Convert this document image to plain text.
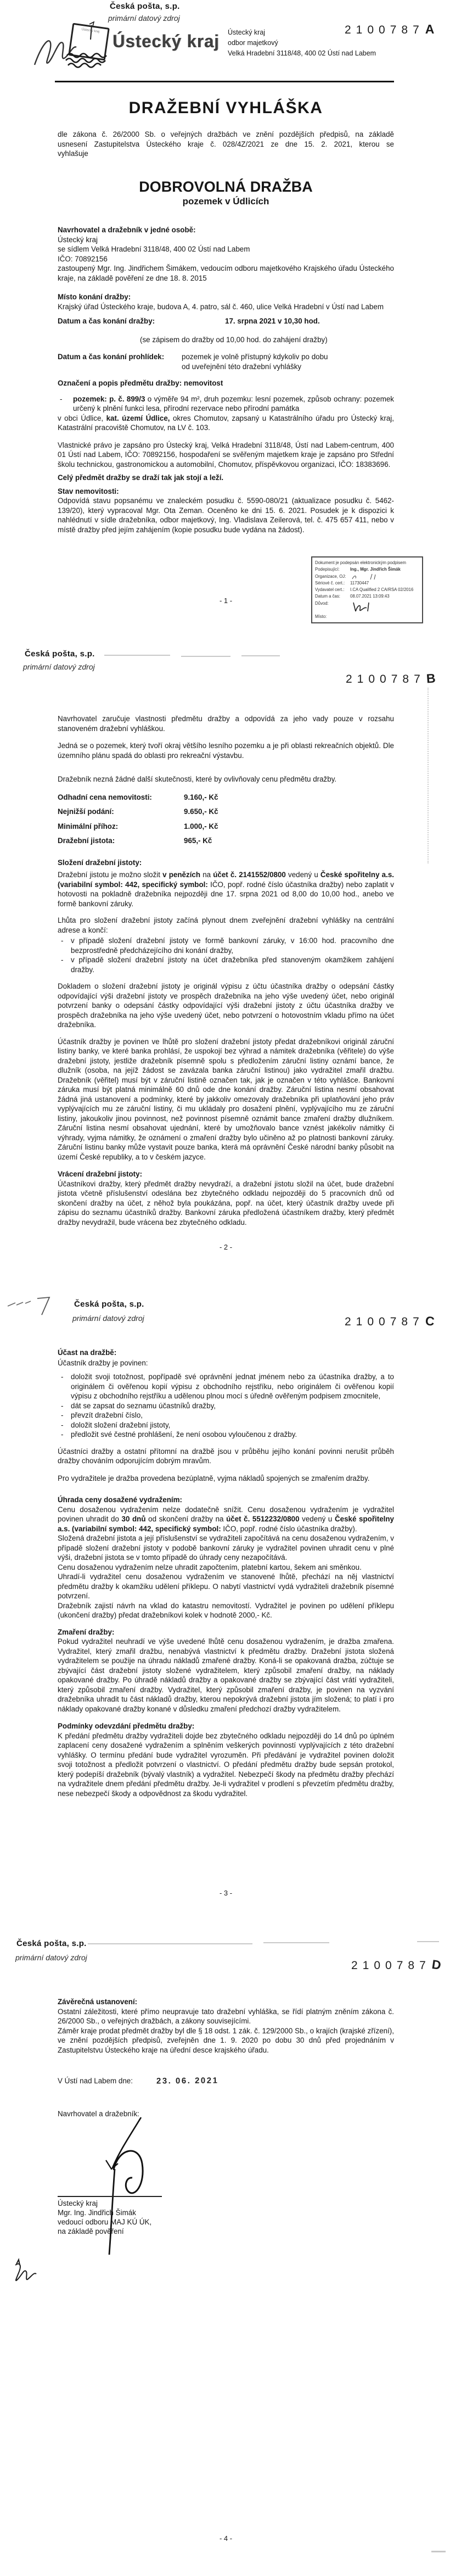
Česká pošta, s.p.
primární datový zdroj
Ústecký kraj
Ústecký kraj Ústecký kraj
odbor majetkový
Velká Hradební 3118/48, 400 02 Ústí nad Labem
2100787A
DRAŽEBNÍ VYHLÁŠKA
dle zákona č. 26/2000 Sb. o veřejných dražbách ve znění pozdějších předpisů, na základě usnesení Zastupitelstva Ústeckého kraje č. 028/4Z/2021 ze dne 15. 2. 2021, kterou se vyhlašuje
DOBROVOLNÁ DRAŽBA
pozemek v Údlicích
Navrhovatel a dražebník v jedné osobě:
Ústecký kraj
se sídlem Velká Hradební 3118/48, 400 02 Ústí nad Labem
IČO: 70892156
zastoupený Mgr. Ing. Jindřichem Šimákem, vedoucím odboru majetkového Krajského úřadu Ústeckého kraje, na základě pověření ze dne 18. 8. 2015
Místo konání dražby:
Krajský úřad Ústeckého kraje, budova A, 4. patro, sál č. 460, ulice Velká Hradební v Ústí nad Labem
Datum a čas konání dražby:	17. srpna 2021 v 10,30 hod.
(se zápisem do dražby od 10,00 hod. do zahájení dražby)
Datum a čas konání prohlídek:	pozemek je volně přístupný kdykoliv po dobu
od uveřejnění této dražební vyhlášky
Označení a popis předmětu dražby: nemovitost
- pozemek: p. č. 899/3 o výměře 94 m², druh pozemku: lesní pozemek, způsob ochrany: pozemek určený k plnění funkci lesa, přírodní rezervace nebo přírodní památka
v obci Údlice, kat. území Údlice, okres Chomutov, zapsaný u Katastrálního úřadu pro Ústecký kraj, Katastrální pracoviště Chomutov, na LV č. 103.
Vlastnické právo je zapsáno pro Ústecký kraj, Velká Hradební 3118/48, Ústí nad Labem-centrum, 400 01 Ústí nad Labem, IČO: 70892156, hospodaření se svěřeným majetkem kraje je zapsáno pro Střední školu technickou, gastronomickou a automobilní, Chomutov, příspěvkovou organizaci, IČO: 18383696.
Celý předmět dražby se draží tak jak stojí a leží.
Stav nemovitosti:
Odpovídá stavu popsanému ve znaleckém posudku č. 5590-080/21 (aktualizace posudku č. 5462-139/20), který vypracoval Mgr. Ota Zeman. Oceněno ke dni 15. 6. 2021. Posudek je k dispozici k nahlédnutí v sídle dražebníka, odbor majetkový, Ing. Vladislava Zeilerová, tel. č. 475 657 411, nebo v místě dražby před jejím zahájením (kopie posudku bude vydána na žádost).
Dokument je podepsán elektronickým podpisem
Podepisující:	Ing., Mgr. Jindřich Šimák
Organizace, OJ:
Sériové č. cert.:	11730447
Vydavatel cert.:	I.CA Qualified 2 CA/RSA 02/2016
Datum a čas:	08.07.2021 13:09:43
Důvod:
Místo:
- 1 -
Česká pošta, s.p.
primární datový zdroj
2100787B
Navrhovatel zaručuje vlastnosti předmětu dražby a odpovídá za jeho vady pouze v rozsahu stanoveném dražební vyhláškou.
Jedná se o pozemek, který tvoří okraj většího lesního pozemku a je při oblasti rekreačních objektů. Dle územního plánu spadá do oblasti pro rekreační výstavbu.
Dražebník nezná žádné další skutečnosti, které by ovlivňovaly cenu předmětu dražby.
Odhadní cena nemovitosti:	9.160,- Kč
Nejnižší podání:	9.650,- Kč
Minimální příhoz:	1.000,- Kč
Dražební jistota:	965,- Kč
Složení dražební jistoty:
Dražební jistotu je možno složit v penězích na účet č. 2141552/0800 vedený u České spořitelny a.s. (variabilní symbol: 442, specifický symbol: IČO, popř. rodné číslo účastníka dražby) nebo zaplatit v hotovosti na pokladně dražebníka nejpozději dne 17. srpna 2021 od 8,00 do 10,00 hod., anebo ve formě bankovní záruky.
Lhůta pro složení dražební jistoty začíná plynout dnem zveřejnění dražební vyhlášky na centrální adrese a končí:
- v případě složení dražební jistoty ve formě bankovní záruky, v 16:00 hod. pracovního dne bezprostředně předcházejícího dni konání dražby,
- v případě složení dražební jistoty na účet dražebníka před stanoveným okamžikem zahájení dražby.
Dokladem o složení dražební jistoty je originál výpisu z účtu účastníka dražby o odepsání částky odpovídající výši dražební jistoty ve prospěch dražebníka na jeho výše uvedený účet, nebo originál potvrzení banky o odepsání částky odpovídající výši dražební jistoty z účtu účastníka dražby ve prospěch dražebníka na jeho výše uvedený účet, nebo potvrzení o hotovostním vkladu přímo na účet dražebníka.
Účastník dražby je povinen ve lhůtě pro složení dražební jistoty předat dražebníkovi originál záruční listiny banky, ve které banka prohlásí, že uspokojí bez výhrad a námitek dražebníka (věřitele) do výše dražební jistoty, jestliže dražebník písemně spolu s předložením záruční listiny oznámí bance, že dlužník (osoba, na jejíž žádost se zavázala banka záruční listinou) jako vydražitel zmařil dražbu. Dražebník (věřitel) musí být v záruční listině označen tak, jak je označen v této vyhlášce. Bankovní záruka musí být platná minimálně 60 dnů ode dne konání dražby. Záruční listina nesmí obsahovat žádná jiná ustanovení a podmínky, které by jakkoliv omezovaly dražebníka při uplatňování jeho práv vyplývajících mu ze záruční listiny, či mu ukládaly pro dosažení plnění, vyplývajícího mu ze záruční listiny, jakoukoliv jinou povinnost, než povinnost písemně oznámit bance zmaření dražby dlužníkem. Záruční listina nesmí obsahovat ujednání, které by umožňovalo bance vznést jakékoliv námitky či výhrady, vyjma námitky, že oznámení o zmaření dražby bylo učiněno až po platnosti bankovní záruky. Záruční listinu banky může vystavit pouze banka, která má oprávnění České národní banky působit na území České republiky, a to v českém jazyce.
Vrácení dražební jistoty:
Účastníkovi dražby, který předmět dražby nevydraží, a dražební jistotu složil na účet, bude dražební jistota včetně příslušenství odeslána bez zbytečného odkladu nejpozději do 5 pracovních dnů od skončení dražby na účet, z něhož byla poukázána, popř. na účet, který účastník dražby uvede při zápisu do seznamu účastníků dražby. Bankovní záruka předložená účastníkem dražby, který předmět dražby nevydražil, bude vrácena bez zbytečného odkladu.
- 2 -
Česká pošta, s.p.
primární datový zdroj	2100787C
Účast na dražbě:
Účastník dražby je povinen:
- doložit svoji totožnost, popřípadě své oprávnění jednat jménem nebo za účastníka dražby, a to originálem či ověřenou kopií výpisu z obchodního rejstříku, nebo originálem či ověřenou kopií výpisu z obchodního rejstříku a udělenou plnou mocí s úředně ověřeným podpisem zmocnitele,
- dát se zapsat do seznamu účastníků dražby,
- převzít dražební číslo,
- doložit složení dražební jistoty,
- předložit své čestné prohlášení, že není osobou vyloučenou z dražby.
Účastníci dražby a ostatní přítomní na dražbě jsou v průběhu jejího konání povinni nerušit průběh dražby chováním odporujícím dobrým mravům.
Pro vydražitele je dražba provedena bezúplatně, vyjma nákladů spojených se zmařením dražby.
Úhrada ceny dosažené vydražením:
Cenu dosaženou vydražením nelze dodatečně snížit. Cenu dosaženou vydražením je vydražitel povinen uhradit do 30 dnů od skončení dražby na účet č. 5512232/0800 vedený u České spořitelny a.s. (variabilní symbol: 442, specifický symbol: IČO, popř. rodné číslo účastníka dražby).
Složená dražební jistota a její příslušenství se vydražiteli započítává na cenu dosaženou vydražením, v případě složení dražební jistoty v podobě bankovní záruky je vydražitel povinen uhradit cenu v plné výši, dražební jistota se v tomto případě do úhrady ceny nezapočítává.
Cenu dosaženou vydražením nelze uhradit započtením, platební kartou, šekem ani směnkou.
Uhradí-li vydražitel cenu dosaženou vydražením ve stanovené lhůtě, přechází na něj vlastnictví předmětu dražby k okamžiku udělení příklepu. O nabytí vlastnictví vydá vydražiteli dražebník písemné potvrzení.
Dražebník zajistí návrh na vklad do katastru nemovitostí. Vydražitel je povinen po udělení příklepu (ukončení dražby) předat dražebníkovi kolek v hodnotě 2000,- Kč.
Zmaření dražby:
Pokud vydražitel neuhradí ve výše uvedené lhůtě cenu dosaženou vydražením, je dražba zmařena. Vydražitel, který zmařil dražbu, nenabývá vlastnictví k předmětu dražby. Dražební jistota složená vydražitelem se použije na úhradu nákladů zmařené dražby. Koná-li se opakovaná dražba, zúčtuje se zbývající část dražební jistoty složené vydražitelem, který způsobil zmaření dražby, na náklady opakované dražby. Po úhradě nákladů dražby a opakované dražby se zbývající část vrátí vydražiteli, který způsobil zmaření dražby. Vydražitel, který způsobil zmaření dražby, je povinen na vyzvání dražebníka uhradit tu část nákladů dražby, kterou nepokrývá dražební jistota jím složená; to platí i pro náklady opakované dražby konané v důsledku zmaření předchozí dražby vydražitelem.
Podmínky odevzdání předmětu dražby:
K předání předmětu dražby vydražiteli dojde bez zbytečného odkladu nejpozději do 14 dnů po úplném zaplacení ceny dosažené vydražením a splněním veškerých povinností vyplývajících z této dražební vyhlášky. O termínu předání bude vydražitel vyrozuměn. Při předávání je vydražitel povinen doložit svoji totožnost a předložit potvrzení o vlastnictví. O předání předmětu dražby bude sepsán protokol, který podepíší dražebník (bývalý vlastník) a vydražitel. Nebezpečí škody na předmětu dražby přechází na vydražitele dnem předání předmětu dražby. Je-li vydražitel v prodlení s převzetím předmětu dražby, nese nebezpečí škody a odpovědnost za škodu vydražitel.
- 3 -
Česká pošta, s.p.
primární datový zdroj
2100787D
Závěrečná ustanovení:
Ostatní záležitosti, které přímo neupravuje tato dražební vyhláška, se řídí platným zněním zákona č. 26/2000 Sb., o veřejných dražbách, a zákony souvisejícími.
Záměr kraje prodat předmět dražby byl dle § 18 odst. 1 zák. č. 129/2000 Sb., o krajích (krajské zřízení), ve znění pozdějších předpisů, zveřejněn dne 1. 9. 2020 po dobu 30 dnů před projednáním v Zastupitelstvu Ústeckého kraje na úřední desce krajského úřadu.
V Ústí nad Labem dne:	23. 06. 2021
Navrhovatel a dražebník:
Ústecký kraj
Mgr. Ing. Jindřich Šimák
vedoucí odboru MAJ KÚ ÚK,
na základě pověření
- 4 -
